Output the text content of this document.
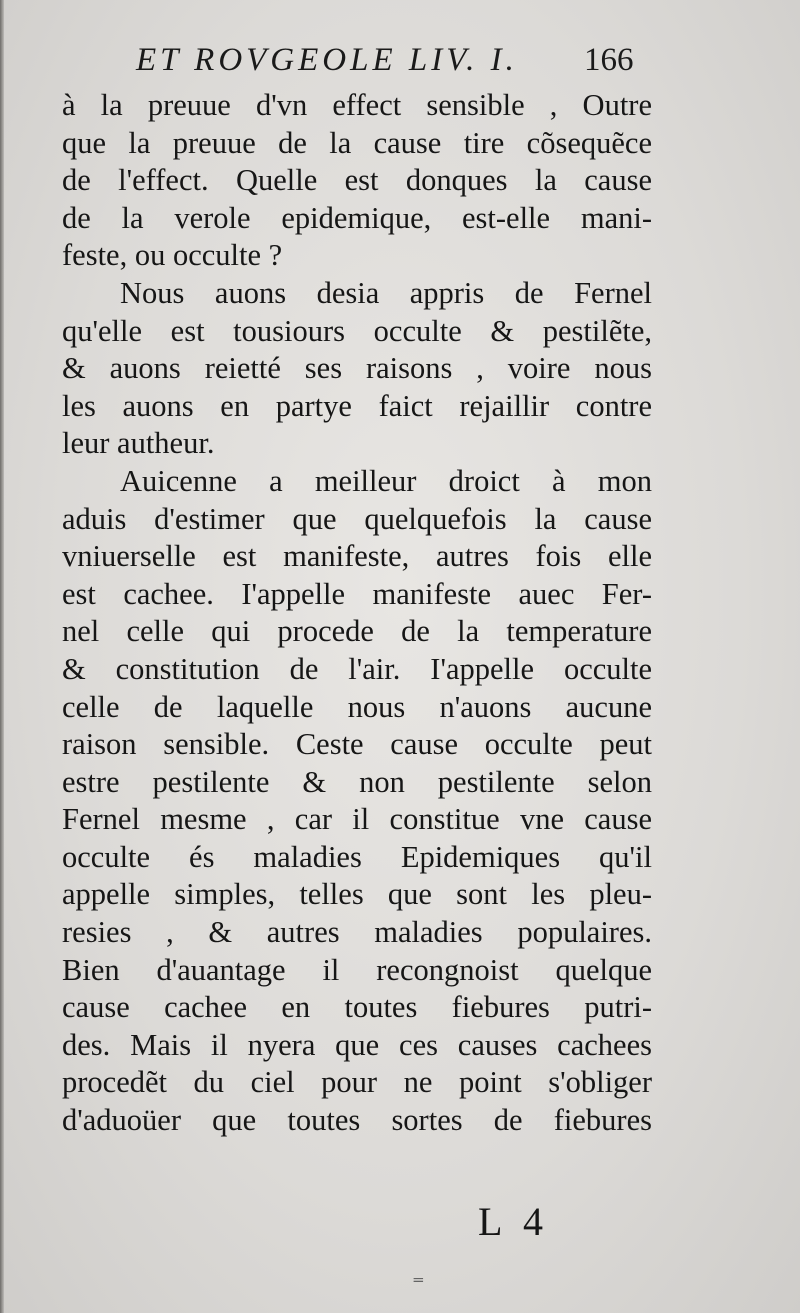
ET ROVGEOLE LIV. I. 166
à la preuue d'vn effect sensible , Outre
que la preuue de la cause tire cõsequẽce
de l'effect. Quelle est donques la cause
de la verole epidemique, est-elle mani-
feste, ou occulte ?
Nous auons desia appris de Fernel
qu'elle est tousiours occulte & pestilẽte,
& auons reietté ses raisons , voire nous
les auons en partye faict rejaillir contre
leur autheur.
Auicenne a meilleur droict à mon
aduis d'estimer que quelquefois la cause
vniuerselle est manifeste, autres fois elle
est cachee. I'appelle manifeste auec Fer-
nel celle qui procede de la temperature
& constitution de l'air. I'appelle occulte
celle de laquelle nous n'auons aucune
raison sensible. Ceste cause occulte peut
estre pestilente & non pestilente selon
Fernel mesme , car il constitue vne cause
occulte és maladies Epidemiques qu'il
appelle simples, telles que sont les pleu-
resies , & autres maladies populaires.
Bien d'auantage il recongnoist quelque
cause cachee en toutes fiebures putri-
des. Mais il nyera que ces causes cachees
procedẽt du ciel pour ne point s'obliger
d'aduoüer que toutes sortes de fiebures
L 4
⁼
